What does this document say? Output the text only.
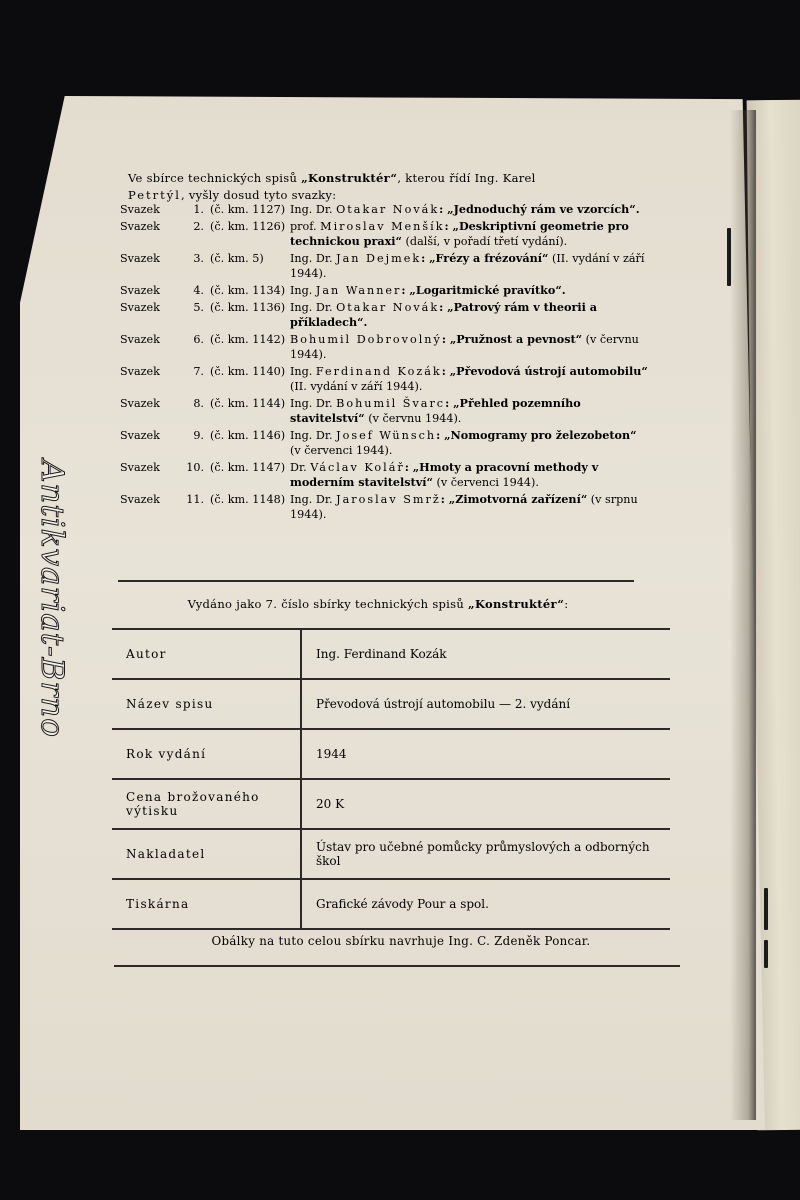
Ve sbírce technických spisů „Konstruktér“, kterou řídí Ing. Karel
Petrtýl, vyšly dosud tyto svazky:
Svazek	1. (č. km. 1127) Ing. Dr. Otakar Novák: „Jednoduchý rám ve vzorcích“.
Svazek	2. (č. km. 1126) prof. Miroslav Menšík: „Deskriptivní geometrie pro technickou praxi“ (další, v pořadí třetí vydání).
Svazek	3. (č. km. 5)	Ing. Dr. Jan Dejmek: „Frézy a frézování“ (II. vydání v září 1944).
Svazek	4. (č. km. 1134) Ing. Jan Wanner: „Logaritmické pravítko“.
Svazek	5. (č. km. 1136) Ing. Dr. Otakar Novák: „Patrový rám v theorii a příkladech“.
Svazek	6. (č. km. 1142) Bohumil Dobrovolný: „Pružnost a pevnost“ (v červnu 1944).
Svazek	7. (č. km. 1140) Ing. Ferdinand Kozák: „Převodová ústrojí automobilu“ (II. vydání v září 1944).
Svazek	8. (č. km. 1144) Ing. Dr. Bohumil Švarc: „Přehled pozemního stavitelství“ (v červnu 1944).
Svazek	9. (č. km. 1146) Ing. Dr. Josef Wünsch: „Nomogramy pro železobeton“ (v červenci 1944).
Svazek	10. (č. km. 1147) Dr. Václav Kolář: „Hmoty a pracovní methody v moderním stavitelství“ (v červenci 1944).
Svazek	11. (č. km. 1148) Ing. Dr. Jaroslav Smrž: „Zimotvorná zařízení“ (v srpnu 1944).
Vydáno jako 7. číslo sbírky technických spisů „Konstruktér“:
Autor	Ing. Ferdinand Kozák
Název spisu	Převodová ústrojí automobilu — 2. vydání
Rok vydání	1944
Cena brožovaného výtisku	20 K
Nakladatel	Ústav pro učebné pomůcky průmyslových a odborných škol
Tiskárna	Grafické závody Pour a spol.
Obálky na tuto celou sbírku navrhuje Ing. C. Zdeněk Poncar.
Antikvariat-Brno
